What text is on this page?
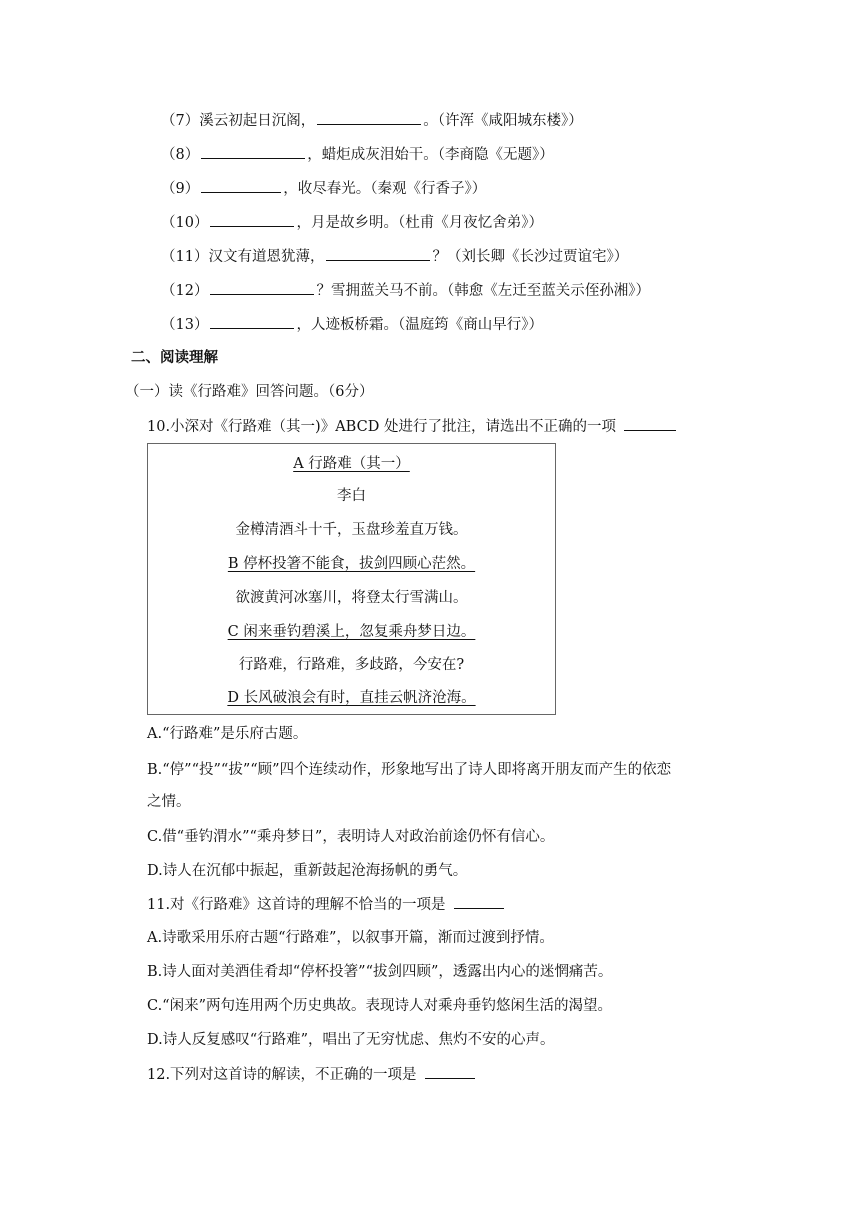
（7）溪云初起日沉阁，	。（许浑《咸阳城东楼》）
（8）	，蜡炬成灰泪始干。（李商隐《无题》）
（9）	，收尽春光。（秦观《行香子》）
（10）	，月是故乡明。（杜甫《月夜忆舍弟》）
（11）汉文有道恩犹薄，	？（刘长卿《长沙过贾谊宅》）
（12）	？雪拥蓝关马不前。（韩愈《左迁至蓝关示侄孙湘》）
（13）	，人迹板桥霜。（温庭筠《商山早行》）
二、阅读理解
（一）读《行路难》回答问题。（6分）
10.小深对《行路难（其一)》ABCD 处进行了批注，请选出不正确的一项
A 行路难（其一）
李白
金樽清酒斗十千，玉盘珍羞直万钱。
B 停杯投箸不能食，拔剑四顾心茫然。
欲渡黄河冰塞川，将登太行雪满山。
C 闲来垂钓碧溪上，忽复乘舟梦日边。
行路难，行路难，多歧路，今安在?
D 长风破浪会有时，直挂云帆济沧海。
A.“行路难”是乐府古题。
B.“停”“投”“拔”“顾”四个连续动作，形象地写出了诗人即将离开朋友而产生的依恋
之情。
C.借“垂钓渭水”“乘舟梦日”，表明诗人对政治前途仍怀有信心。
D.诗人在沉郁中振起，重新鼓起沧海扬帆的勇气。
11.对《行路难》这首诗的理解不恰当的一项是
A.诗歌采用乐府古题“行路难”，以叙事开篇，渐而过渡到抒情。
B.诗人面对美酒佳肴却“停杯投箸”“拔剑四顾”，透露出内心的迷惘痛苦。
C.“闲来”两句连用两个历史典故。表现诗人对乘舟垂钓悠闲生活的渴望。
D.诗人反复感叹“行路难”，唱出了无穷忧虑、焦灼不安的心声。
12.下列对这首诗的解读，不正确的一项是
